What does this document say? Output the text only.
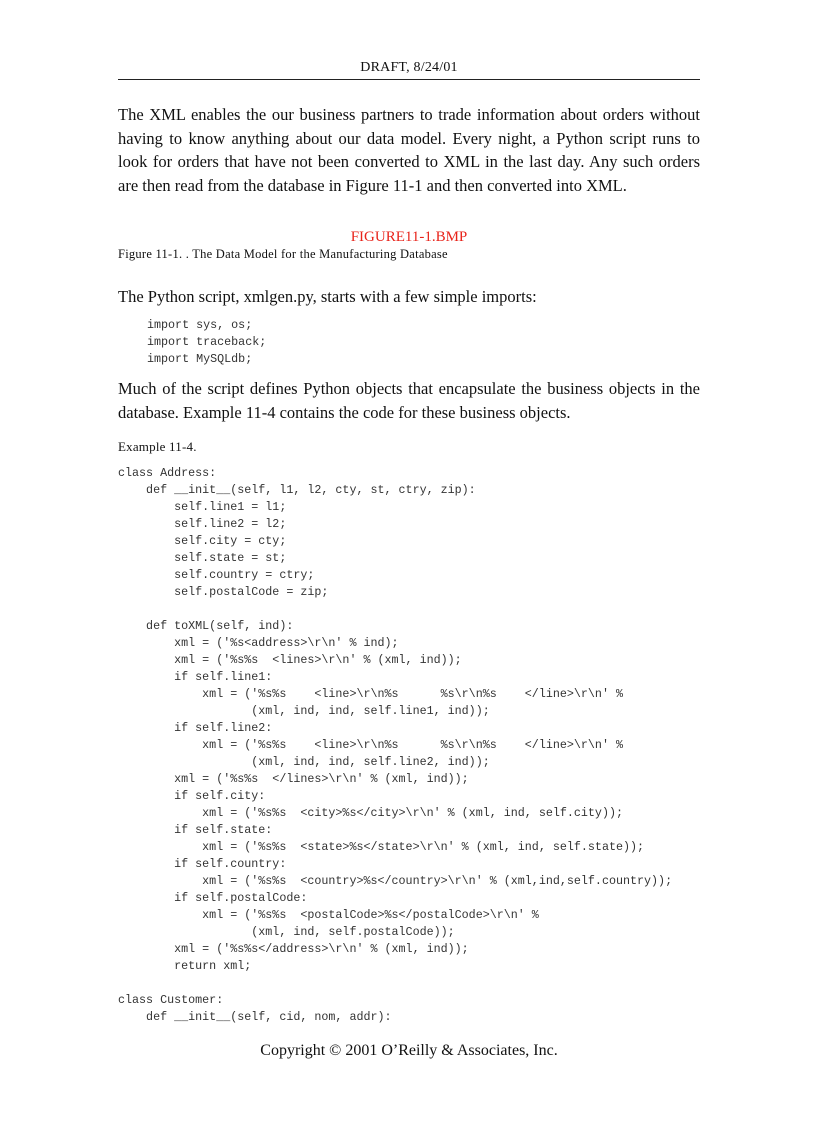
DRAFT, 8/24/01

The XML enables the our business partners to trade information about orders without having to know anything about our data model. Every night, a Python script runs to look for orders that have not been converted to XML in the last day. Any such orders are then read from the database in Figure 11-1 and then converted into XML.

FIGURE11-1.BMP
Figure 11-1. . The Data Model for the Manufacturing Database

The Python script, xmlgen.py, starts with a few simple imports:

import sys, os;
import traceback;
import MySQLdb;

Much of the script defines Python objects that encapsulate the business objects in the database. Example 11-4 contains the code for these business objects.

Example 11-4.
class Address:
def __init__(self, l1, l2, cty, st, ctry, zip):
self.line1 = l1;
self.line2 = l2;
self.city = cty;
self.state = st;
self.country = ctry;
self.postalCode = zip;

def toXML(self, ind):
xml = ('%s<address>\r\n' % ind);
xml = ('%s%s  <lines>\r\n' % (xml, ind));
if self.line1:
xml = ('%s%s    <line>\r\n%s      %s\r\n%s    </line>\r\n' %
(xml, ind, ind, self.line1, ind));
if self.line2:
xml = ('%s%s    <line>\r\n%s      %s\r\n%s    </line>\r\n' %
(xml, ind, ind, self.line2, ind));
xml = ('%s%s  </lines>\r\n' % (xml, ind));
if self.city:
xml = ('%s%s  <city>%s</city>\r\n' % (xml, ind, self.city));
if self.state:
xml = ('%s%s  <state>%s</state>\r\n' % (xml, ind, self.state));
if self.country:
xml = ('%s%s  <country>%s</country>\r\n' % (xml,ind,self.country));
if self.postalCode:
xml = ('%s%s  <postalCode>%s</postalCode>\r\n' %
(xml, ind, self.postalCode));
xml = ('%s%s</address>\r\n' % (xml, ind));
return xml;

class Customer:
def __init__(self, cid, nom, addr):
Copyright © 2001 O’Reilly & Associates, Inc.
